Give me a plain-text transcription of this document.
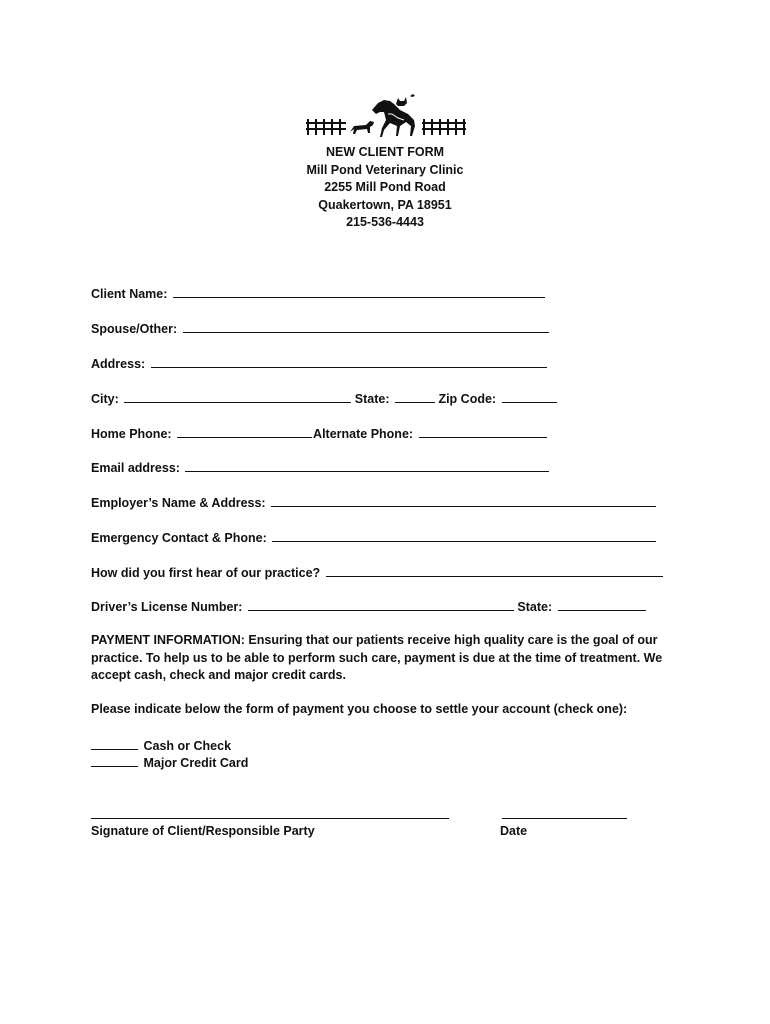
NEW CLIENT FORM
Mill Pond Veterinary Clinic
2255 Mill Pond Road
Quakertown, PA 18951
215-536-4443
Client Name:
Spouse/Other:
Address:
City:	State:	Zip Code:
Home Phone:	Alternate Phone:
Email address:
Employer’s Name & Address:
Emergency Contact & Phone:
How did you first hear of our practice?
Driver’s License Number:	State:
PAYMENT INFORMATION: Ensuring that our patients receive high quality care is the goal of our practice. To help us to be able to perform such care, payment is due at the time of treatment. We accept cash, check and major credit cards.
Please indicate below the form of payment you choose to settle your account (check one):
Cash or Check
Major Credit Card
Signature of Client/Responsible Party	Date
